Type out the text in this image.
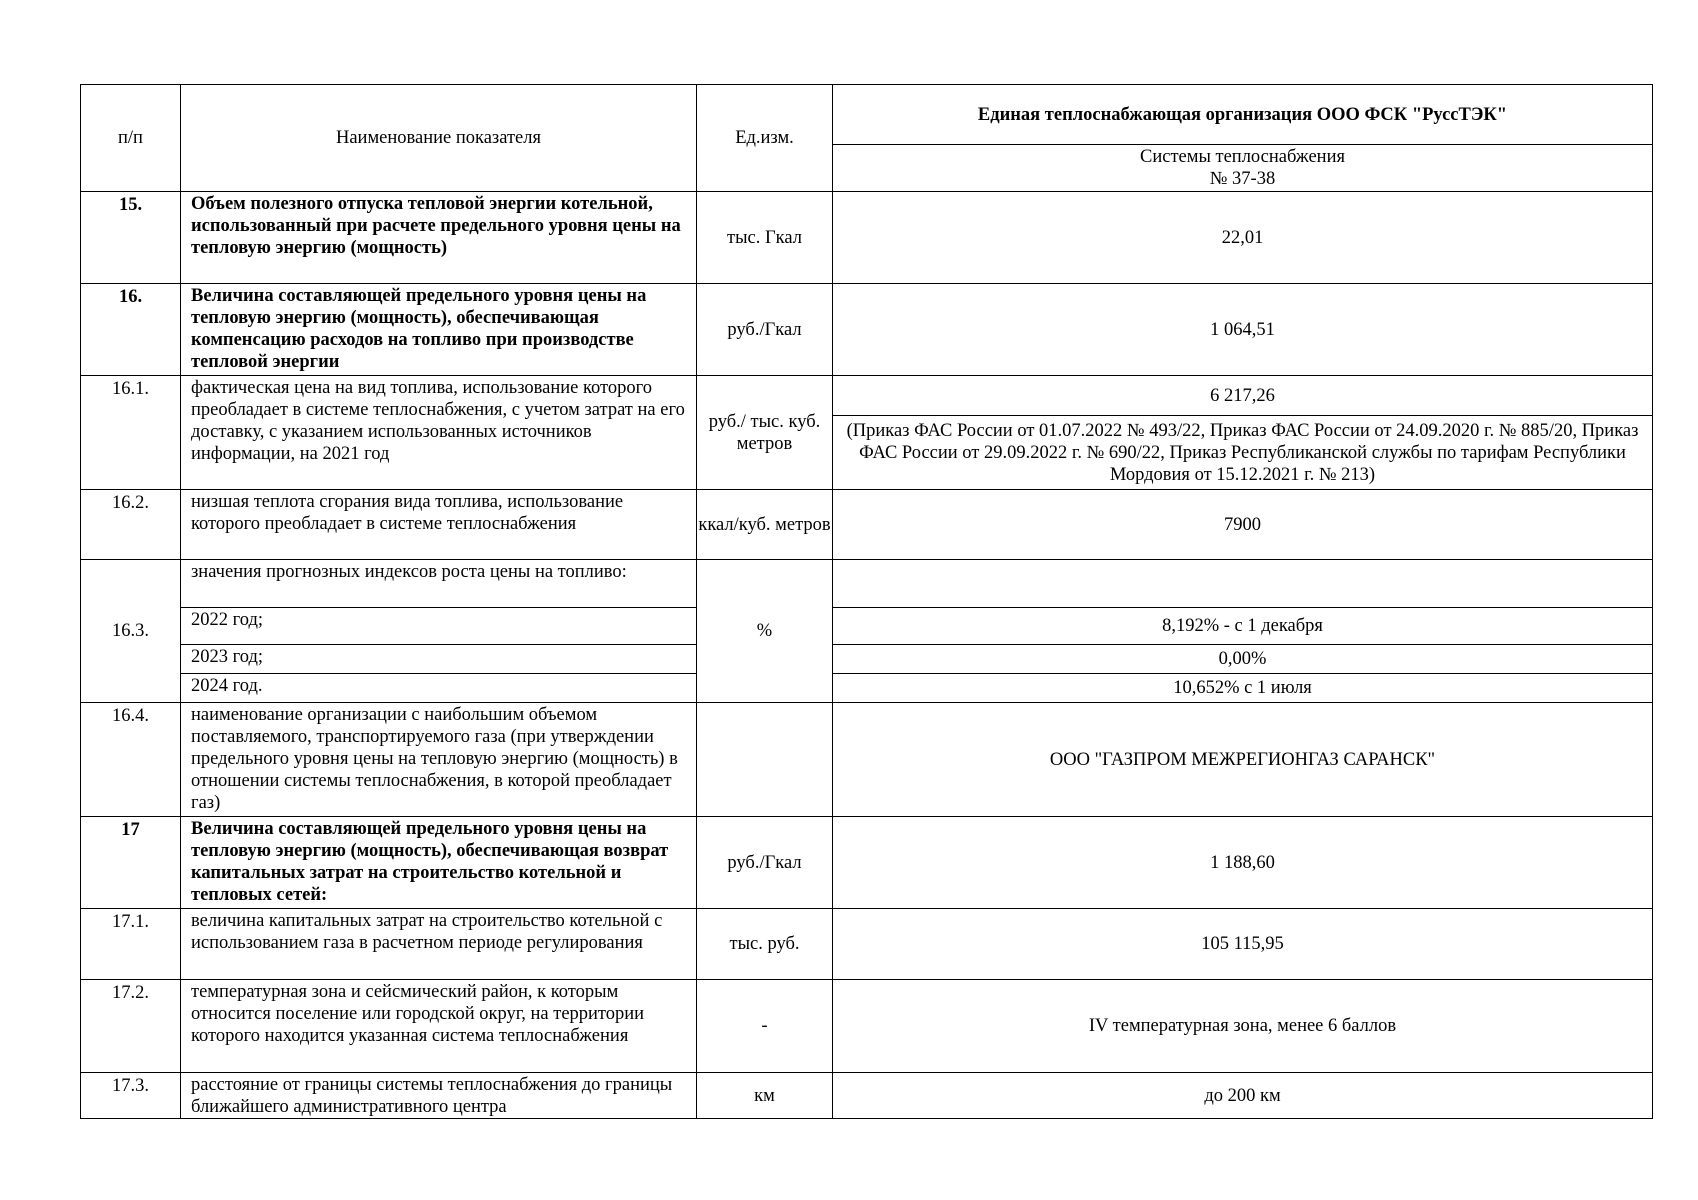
п/п	Наименование показателя	Ед.изм.	Единая теплоснабжающая организация ООО ФСК "РуссТЭК"

			Системы теплоснабжения
№ 37-38

15.	Объем полезного отпуска тепловой энергии котельной, использованный при расчете предельного уровня цены на тепловую энергию (мощность)	тыс. Гкал	22,01
16.	Величина составляющей предельного уровня цены на тепловую энергию (мощность), обеспечивающая компенсацию расходов на топливо при производстве тепловой энергии	руб./Гкал	1 064,51
16.1.	фактическая цена на вид топлива, использование которого преобладает в системе теплоснабжения, с учетом затрат на его доставку, с указанием использованных источников информации, на 2021 год	руб./ тыс. куб. метров	6 217,26
			(Приказ ФАС России от 01.07.2022 № 493/22, Приказ ФАС России от 24.09.2020 г. № 885/20, Приказ ФАС России от 29.09.2022 г. № 690/22, Приказ Республиканской службы по тарифам Республики Мордовия от 15.12.2021 г. № 213)
16.2.	низшая теплота сгорания вида топлива, использование которого преобладает в системе теплоснабжения	ккал/куб. метров	7900
16.3.	значения прогнозных индексов роста цены на топливо:	%	
	2022 год;		8,192% - с 1 декабря
	2023 год;		0,00%
	2024 год.		10,652% с 1 июля
16.4.	наименование организации с наибольшим объемом поставляемого, транспортируемого газа (при утверждении предельного уровня цены на тепловую энергию (мощность) в отношении системы теплоснабжения, в которой преобладает газ)		ООО "ГАЗПРОМ МЕЖРЕГИОНГАЗ САРАНСК"
17	Величина составляющей предельного уровня цены на тепловую энергию (мощность), обеспечивающая возврат капитальных затрат на строительство котельной и тепловых сетей:	руб./Гкал	1 188,60
17.1.	величина капитальных затрат на строительство котельной с использованием газа в расчетном периоде регулирования	тыс. руб.	105 115,95
17.2.	температурная зона и сейсмический район, к которым относится поселение или городской округ, на территории которого находится указанная система теплоснабжения	-	IV температурная зона, менее 6 баллов
17.3.	расстояние от границы системы теплоснабжения до границы ближайшего административного центра	км	до 200 км
